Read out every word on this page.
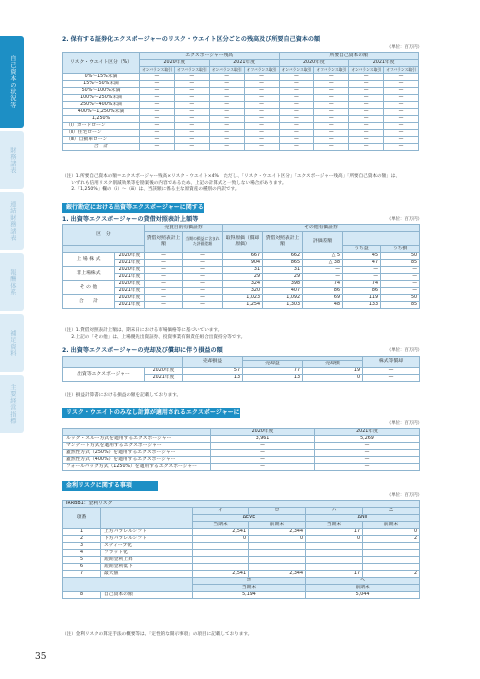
自己資本の状況等
財務諸表
連結財務諸表
報酬体系
補足資料
主要経営指標
35
2. 保有する証券化エクスポージャーのリスク・ウエイト区分ごとの残高及び所要自己資本の額
（単位：百万円）
リスク・ウエイト区分（%）	エクスポージャー残高				所要自己資本の額			
	2020年度		2021年度		2020年度		2021年度	
	オンバランス取引	オフバランス取引	オンバランス取引	オフバランス取引	オンバランス取引	オフバランス取引	オンバランス取引	オフバランス取引
0%～15%未満	—	—	—	—	—	—	—	—
15%～50%未満	—	—	—	—	—	—	—	—
50%～100%未満	—	—	—	—	—	—	—	—
100%～250%未満	—	—	—	—	—	—	—	—
250%～400%未満	—	—	—	—	—	—	—	—
400%～1,250%未満	—	—	—	—	—	—	—	—
1,250%	—	—	—	—	—	—	—	—
（ⅰ）カードローン	—	—	—	—	—	—	—	—
（ⅱ）住宅ローン	—	—	—	—	—	—	—	—
（ⅲ）自動車ローン	—	—	—	—	—	—	—	—
合　計	—	—	—	—	—	—	—	—
（注）1.所要自己資本の額＝エクスポージャー残高×リスク・ウエイト×4%　ただし、「リスク・ウエイト区分」「エクスポージャー残高」「所要自己資本の額」は、
　　いずれも信用リスク削減効果等を勘案後の内容であるため、上記の計算式と一致しない場合があります。
　　2.「1,250%」欄の（ⅰ）～（ⅲ）は、当該額に係る主な原資産の種別の内訳です。
銀行勘定における出資等エクスポージャーに関する事項
1. 出資等エクスポージャーの貸借対照表計上額等	（単位：百万円）
区　分		売買目的有価証券		その他有価証券				
		貸借対照表計上額	当期の損益に含まれた評価差額	取得原価（償却原価）	貸借対照表計上額	評価差額		
							うち益	うち損
上 場 株 式	2020年度	—	—	667	662	△ 5	45	50
	2021年度	—	—	904	865	△ 38	47	85
非上場株式	2020年度	—	—	31	31	—	—	—
	2021年度	—	—	29	29	—	—	—
そ の 他	2020年度	—	—	324	398	74	74	—
	2021年度	—	—	320	407	86	86	—
合　　計	2020年度	—	—	1,023	1,092	69	119	50
	2021年度	—	—	1,254	1,303	48	133	85
（注）1.貸借対照表計上額は、期末日における市場価格等に基づいています。
　　2.上記の「その他」は、上場優先出資証券、投資事業有限責任組合出資持分等です。
2. 出資等エクスポージャーの売却及び償却に伴う損益の額	（単位：百万円）
		売却損益			株式等償却
			売却益	売却損	
出資等エクスポージャー	2020年度	57	77	19	—
	2021年度	13	13	0	—
（注）損益計算書における損益の額を記載しております。
リスク・ウエイトのみなし計算が適用されるエクスポージャーに関する事項
（単位：百万円）
	2020年度	2021年度
ルック・スルー方式を適用するエクスポージャー	3,961	5,269
マンデート方式を適用するエクスポージャー	—	—
蓋然性方式（250%）を適用するエクスポージャー	—	—
蓋然性方式（400%）を適用するエクスポージャー	—	—
フォールバック方式（1250%）を適用するエクスポージャー	—	—
金利リスクに関する事項
（単位：百万円）
IRRBB1：金利リスク					
項番		イ	ロ	ハ	ニ
		ΔEVE		ΔNII	
		当期末	前期末	当期末	前期末
1	上方パラレルシフト	2,541	2,344	17	0
2	下方パラレルシフト	0	0	0	2
3	スティープ化				
4	フラット化				
5	短期金利上昇				
6	短期金利低下				
7	最大値	2,541	2,344	17	2
		ホ		ヘ	
		当期末		前期末	
8	自己資本の額	5,194		5,044	
（注）金利リスクの算定手法の概要等は、「定性的な開示事項」の項目に記載しております。
